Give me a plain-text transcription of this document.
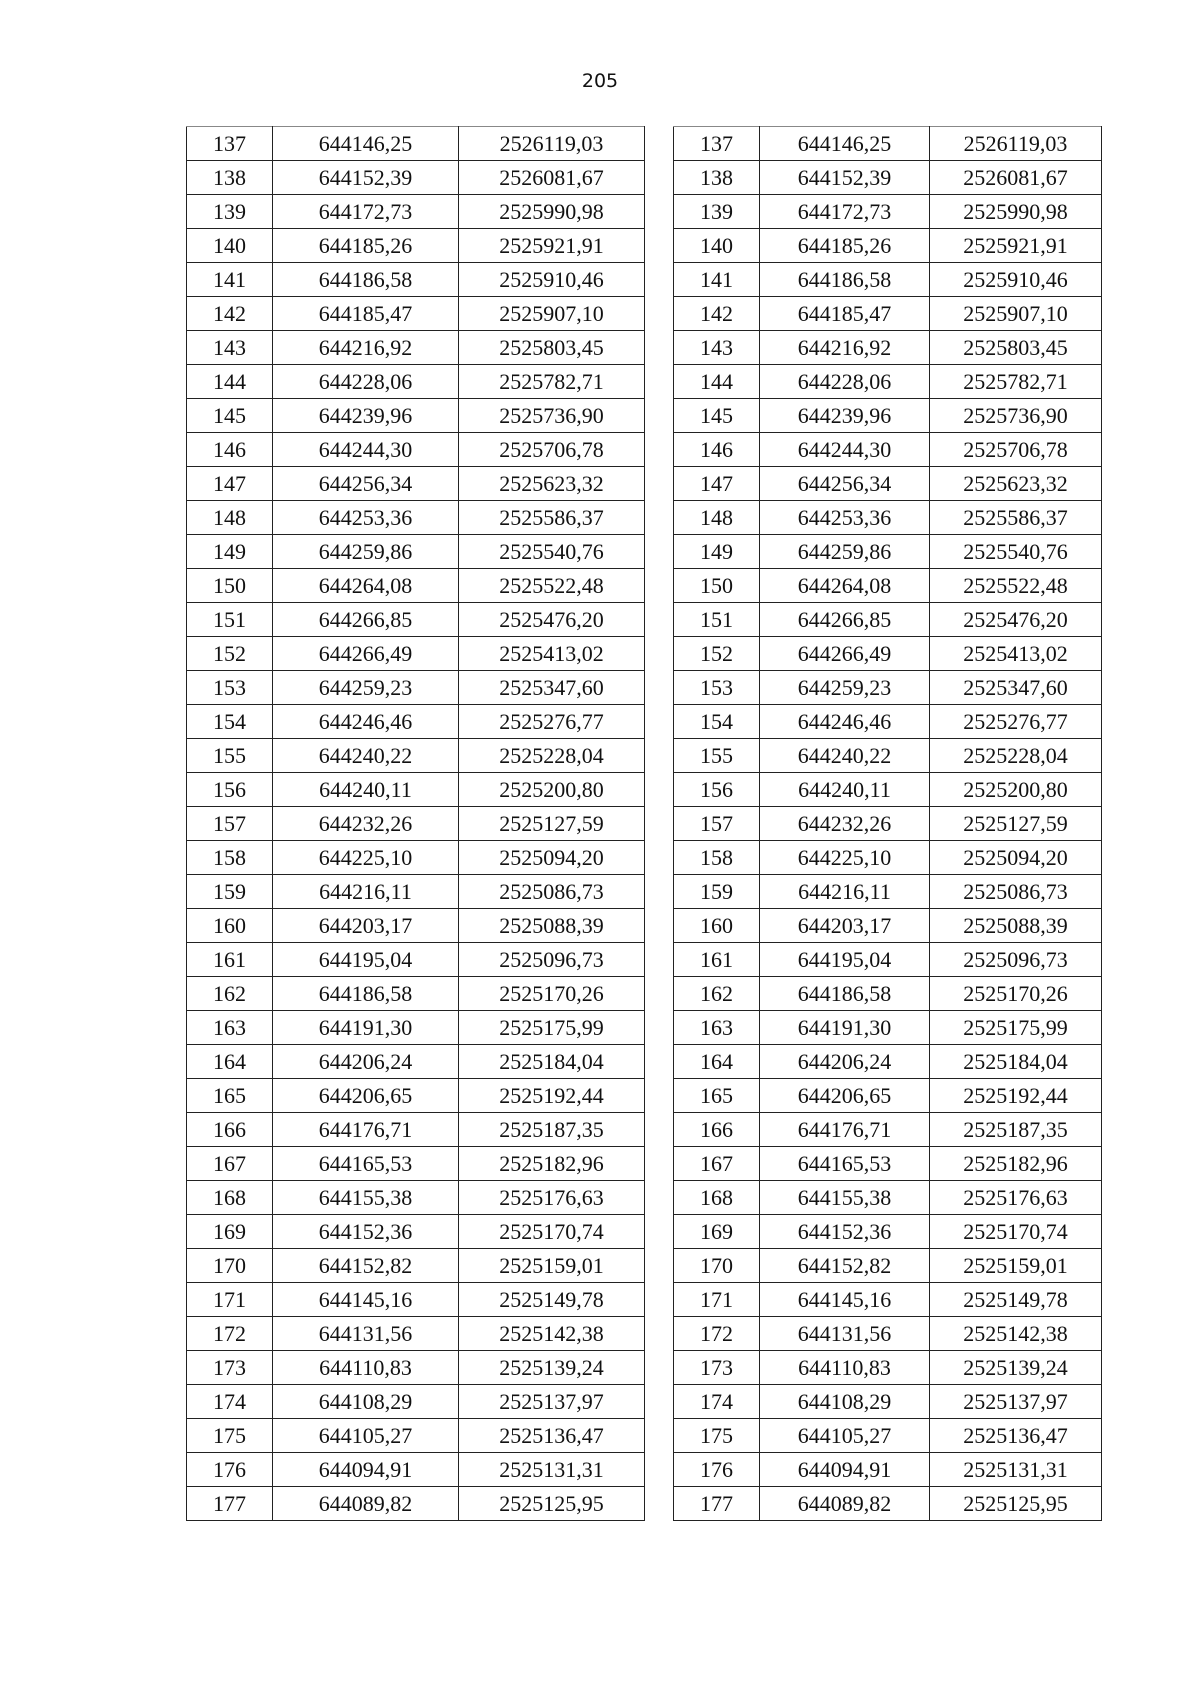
205
137	644146,25	2526119,03
138	644152,39	2526081,67
139	644172,73	2525990,98
140	644185,26	2525921,91
141	644186,58	2525910,46
142	644185,47	2525907,10
143	644216,92	2525803,45
144	644228,06	2525782,71
145	644239,96	2525736,90
146	644244,30	2525706,78
147	644256,34	2525623,32
148	644253,36	2525586,37
149	644259,86	2525540,76
150	644264,08	2525522,48
151	644266,85	2525476,20
152	644266,49	2525413,02
153	644259,23	2525347,60
154	644246,46	2525276,77
155	644240,22	2525228,04
156	644240,11	2525200,80
157	644232,26	2525127,59
158	644225,10	2525094,20
159	644216,11	2525086,73
160	644203,17	2525088,39
161	644195,04	2525096,73
162	644186,58	2525170,26
163	644191,30	2525175,99
164	644206,24	2525184,04
165	644206,65	2525192,44
166	644176,71	2525187,35
167	644165,53	2525182,96
168	644155,38	2525176,63
169	644152,36	2525170,74
170	644152,82	2525159,01
171	644145,16	2525149,78
172	644131,56	2525142,38
173	644110,83	2525139,24
174	644108,29	2525137,97
175	644105,27	2525136,47
176	644094,91	2525131,31
177	644089,82	2525125,95
137	644146,25	2526119,03
138	644152,39	2526081,67
139	644172,73	2525990,98
140	644185,26	2525921,91
141	644186,58	2525910,46
142	644185,47	2525907,10
143	644216,92	2525803,45
144	644228,06	2525782,71
145	644239,96	2525736,90
146	644244,30	2525706,78
147	644256,34	2525623,32
148	644253,36	2525586,37
149	644259,86	2525540,76
150	644264,08	2525522,48
151	644266,85	2525476,20
152	644266,49	2525413,02
153	644259,23	2525347,60
154	644246,46	2525276,77
155	644240,22	2525228,04
156	644240,11	2525200,80
157	644232,26	2525127,59
158	644225,10	2525094,20
159	644216,11	2525086,73
160	644203,17	2525088,39
161	644195,04	2525096,73
162	644186,58	2525170,26
163	644191,30	2525175,99
164	644206,24	2525184,04
165	644206,65	2525192,44
166	644176,71	2525187,35
167	644165,53	2525182,96
168	644155,38	2525176,63
169	644152,36	2525170,74
170	644152,82	2525159,01
171	644145,16	2525149,78
172	644131,56	2525142,38
173	644110,83	2525139,24
174	644108,29	2525137,97
175	644105,27	2525136,47
176	644094,91	2525131,31
177	644089,82	2525125,95
